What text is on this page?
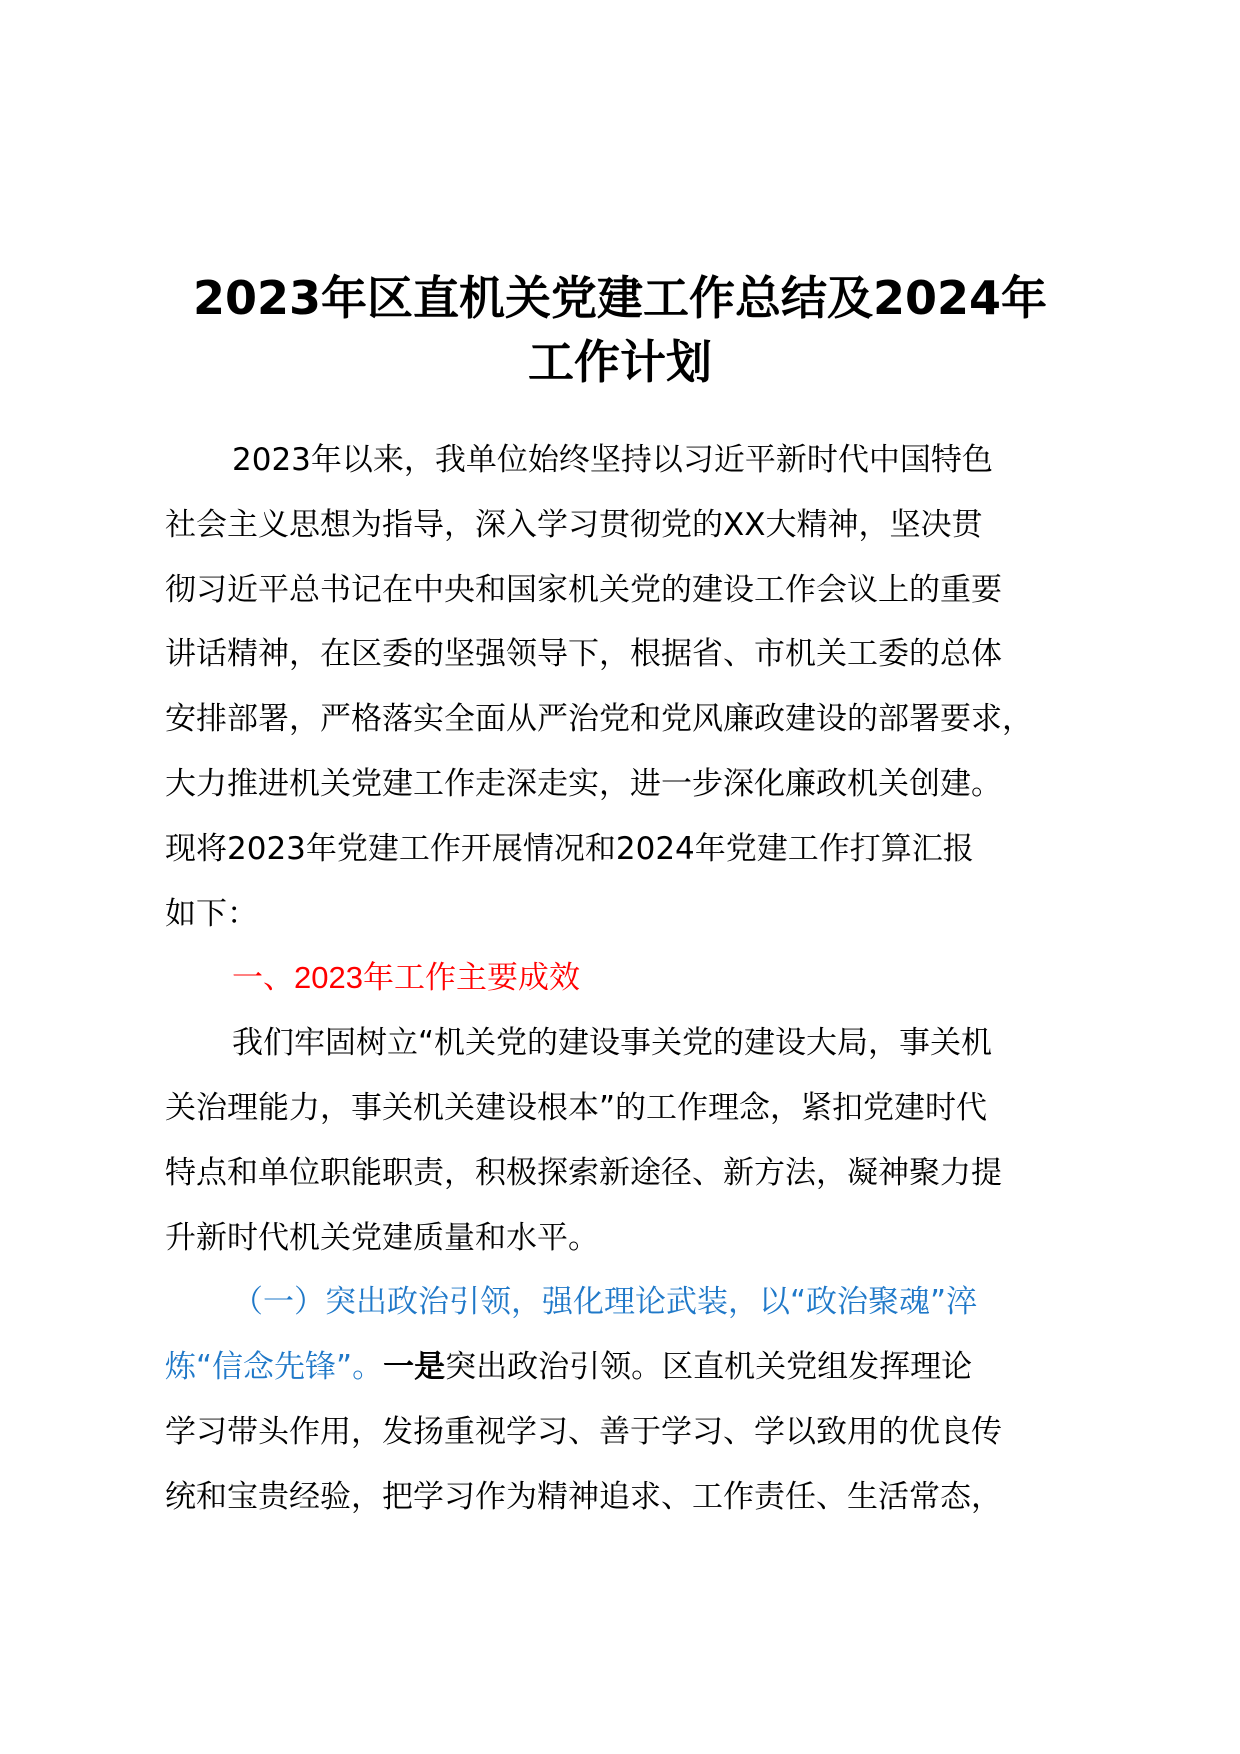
2023年区直机关党建工作总结及2024年
工作计划
2023年以来，我单位始终坚持以习近平新时代中国特色
社会主义思想为指导，深入学习贯彻党的XX大精神，坚决贯
彻习近平总书记在中央和国家机关党的建设工作会议上的重要
讲话精神，在区委的坚强领导下，根据省、市机关工委的总体
安排部署，严格落实全面从严治党和党风廉政建设的部署要求，
大力推进机关党建工作走深走实，进一步深化廉政机关创建。
现将2023年党建工作开展情况和2024年党建工作打算汇报
如下：
一、2023年工作主要成效
我们牢固树立“机关党的建设事关党的建设大局，事关机
关治理能力，事关机关建设根本”的工作理念，紧扣党建时代
特点和单位职能职责，积极探索新途径、新方法，凝神聚力提
升新时代机关党建质量和水平。
（一）突出政治引领，强化理论武装，以“政治聚魂”淬
炼“信念先锋”。一是突出政治引领。区直机关党组发挥理论
学习带头作用，发扬重视学习、善于学习、学以致用的优良传
统和宝贵经验，把学习作为精神追求、工作责任、生活常态，
